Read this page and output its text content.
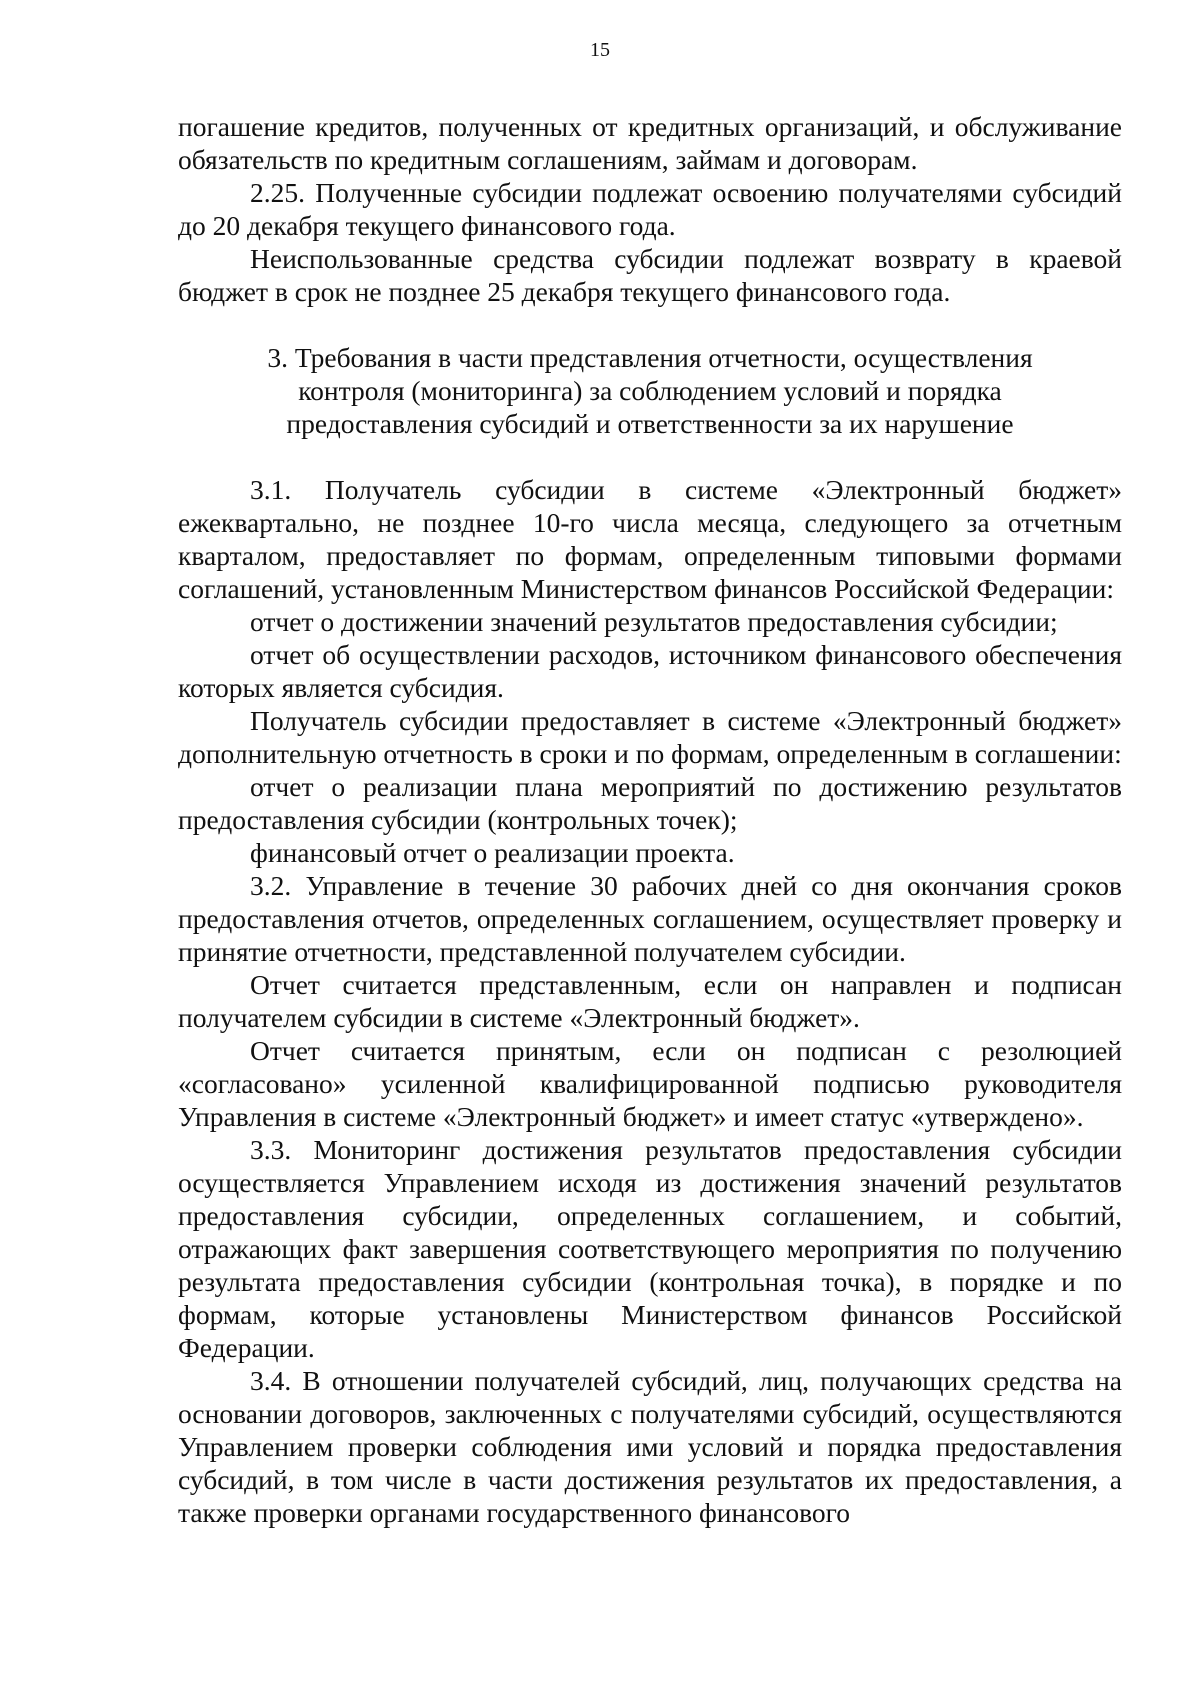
15

погашение кредитов, полученных от кредитных организаций, и обслуживание обязательств по кредитным соглашениям, займам и договорам.

2.25. Полученные субсидии подлежат освоению получателями субсидий до 20 декабря текущего финансового года.

Неиспользованные средства субсидии подлежат возврату в краевой бюджет в срок не позднее 25 декабря текущего финансового года.

3. Требования в части представления отчетности, осуществления
контроля (мониторинга) за соблюдением условий и порядка
предоставления субсидий и ответственности за их нарушение

3.1. Получатель субсидии в системе «Электронный бюджет» ежеквартально, не позднее 10-го числа месяца, следующего за отчетным кварталом, предоставляет по формам, определенным типовыми формами соглашений, установленным Министерством финансов Российской Федерации:

отчет о достижении значений результатов предоставления субсидии;

отчет об осуществлении расходов, источником финансового обеспечения которых является субсидия.

Получатель субсидии предоставляет в системе «Электронный бюджет» дополнительную отчетность в сроки и по формам, определенным в соглашении:

отчет о реализации плана мероприятий по достижению результатов предоставления субсидии (контрольных точек);

финансовый отчет о реализации проекта.

3.2. Управление в течение 30 рабочих дней со дня окончания сроков предоставления отчетов, определенных соглашением, осуществляет проверку и принятие отчетности, представленной получателем субсидии.

Отчет считается представленным, если он направлен и подписан получателем субсидии в системе «Электронный бюджет».

Отчет считается принятым, если он подписан с резолюцией «согласовано» усиленной квалифицированной подписью руководителя Управления в системе «Электронный бюджет» и имеет статус «утверждено».

3.3. Мониторинг достижения результатов предоставления субсидии осуществляется Управлением исходя из достижения значений результатов предоставления субсидии, определенных соглашением, и событий, отражающих факт завершения соответствующего мероприятия по получению результата предоставления субсидии (контрольная точка), в порядке и по формам, которые установлены Министерством финансов Российской Федерации.

3.4. В отношении получателей субсидий, лиц, получающих средства на основании договоров, заключенных с получателями субсидий, осуществляются Управлением проверки соблюдения ими условий и порядка предоставления субсидий, в том числе в части достижения результатов их предоставления, а также проверки органами государственного финансового
